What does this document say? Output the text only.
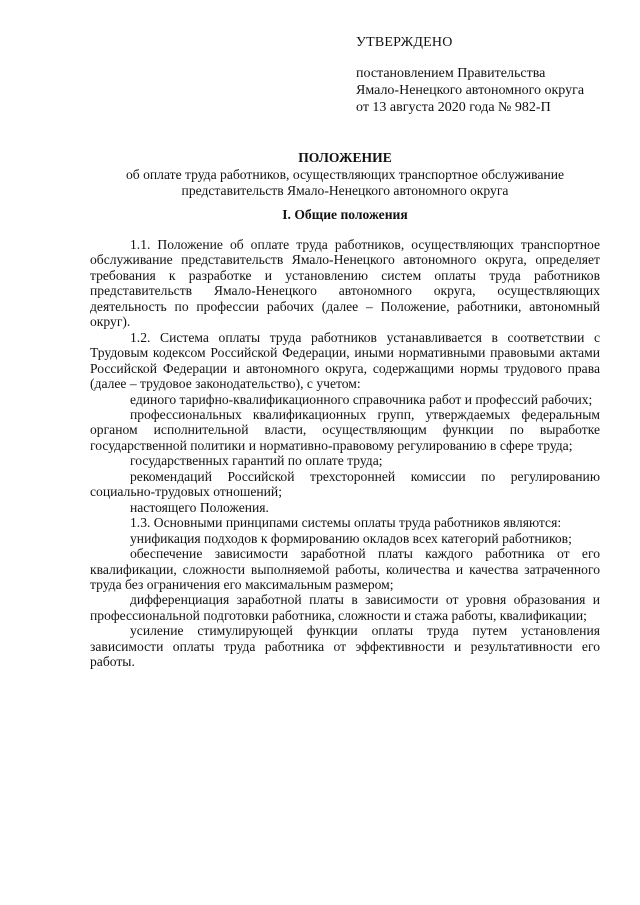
УТВЕРЖДЕНО
постановлением Правительства
Ямало-Ненецкого автономного округа
от 13 августа 2020 года № 982-П
ПОЛОЖЕНИЕ
об оплате труда работников, осуществляющих транспортное обслуживание
представительств Ямало-Ненецкого автономного округа
I. Общие положения

1.1. Положение об оплате труда работников, осуществляющих транспортное обслуживание представительств Ямало-Ненецкого автономного округа, определяет требования к разработке и установлению систем оплаты труда работников представительств Ямало-Ненецкого автономного округа, осуществляющих деятельность по профессии рабочих (далее – Положение, работники, автономный округ).

1.2. Система оплаты труда работников устанавливается в соответствии с Трудовым кодексом Российской Федерации, иными нормативными правовыми актами Российской Федерации и автономного округа, содержащими нормы трудового права (далее – трудовое законодательство), с учетом:

единого тарифно-квалификационного справочника работ и профессий рабочих;

профессиональных квалификационных групп, утверждаемых федеральным органом исполнительной власти, осуществляющим функции по выработке государственной политики и нормативно-правовому регулированию в сфере труда;

государственных гарантий по оплате труда;

рекомендаций Российской трехсторонней комиссии по регулированию социально-трудовых отношений;

настоящего Положения.

1.3. Основными принципами системы оплаты труда работников являются:

унификация подходов к формированию окладов всех категорий работников;

обеспечение зависимости заработной платы каждого работника от его квалификации, сложности выполняемой работы, количества и качества затраченного труда без ограничения его максимальным размером;

дифференциация заработной платы в зависимости от уровня образования и профессиональной подготовки работника, сложности и стажа работы, квалификации;

усиление стимулирующей функции оплаты труда путем установления зависимости оплаты труда работника от эффективности и результативности его работы.
